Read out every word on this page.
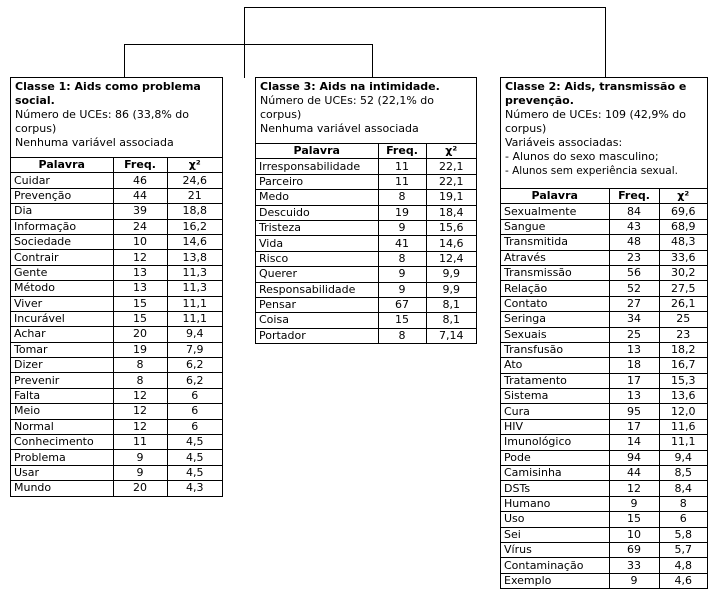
Classe 1: Aids como problema social.
Número de UCEs: 86 (33,8% do corpus)
Nenhuma variável associada
Palavra	Freq.	χ²
Cuidar	46	24,6
Prevenção	44	21
Dia	39	18,8
Informação	24	16,2
Sociedade	10	14,6
Contrair	12	13,8
Gente	13	11,3
Método	13	11,3
Viver	15	11,1
Incurável	15	11,1
Achar	20	9,4
Tomar	19	7,9
Dizer	8	6,2
Prevenir	8	6,2
Falta	12	6
Meio	12	6
Normal	12	6
Conhecimento	11	4,5
Problema	9	4,5
Usar	9	4,5
Mundo	20	4,3
Classe 3: Aids na intimidade.
Número de UCEs: 52 (22,1% do corpus)
Nenhuma variável associada
Palavra	Freq.	χ²
Irresponsabilidade	11	22,1
Parceiro	11	22,1
Medo	8	19,1
Descuido	19	18,4
Tristeza	9	15,6
Vida	41	14,6
Risco	8	12,4
Querer	9	9,9
Responsabilidade	9	9,9
Pensar	67	8,1
Coisa	15	8,1
Portador	8	7,14
Classe 2: Aids, transmissão e prevenção.
Número de UCEs: 109 (42,9% do corpus)
Variáveis associadas:
- Alunos do sexo masculino;
- Alunos sem experiência sexual.
Palavra	Freq.	χ²
Sexualmente	84	69,6
Sangue	43	68,9
Transmitida	48	48,3
Através	23	33,6
Transmissão	56	30,2
Relação	52	27,5
Contato	27	26,1
Seringa	34	25
Sexuais	25	23
Transfusão	13	18,2
Ato	18	16,7
Tratamento	17	15,3
Sistema	13	13,6
Cura	95	12,0
HIV	17	11,6
Imunológico	14	11,1
Pode	94	9,4
Camisinha	44	8,5
DSTs	12	8,4
Humano	9	8
Uso	15	6
Sei	10	5,8
Vírus	69	5,7
Contaminação	33	4,8
Exemplo	9	4,6
